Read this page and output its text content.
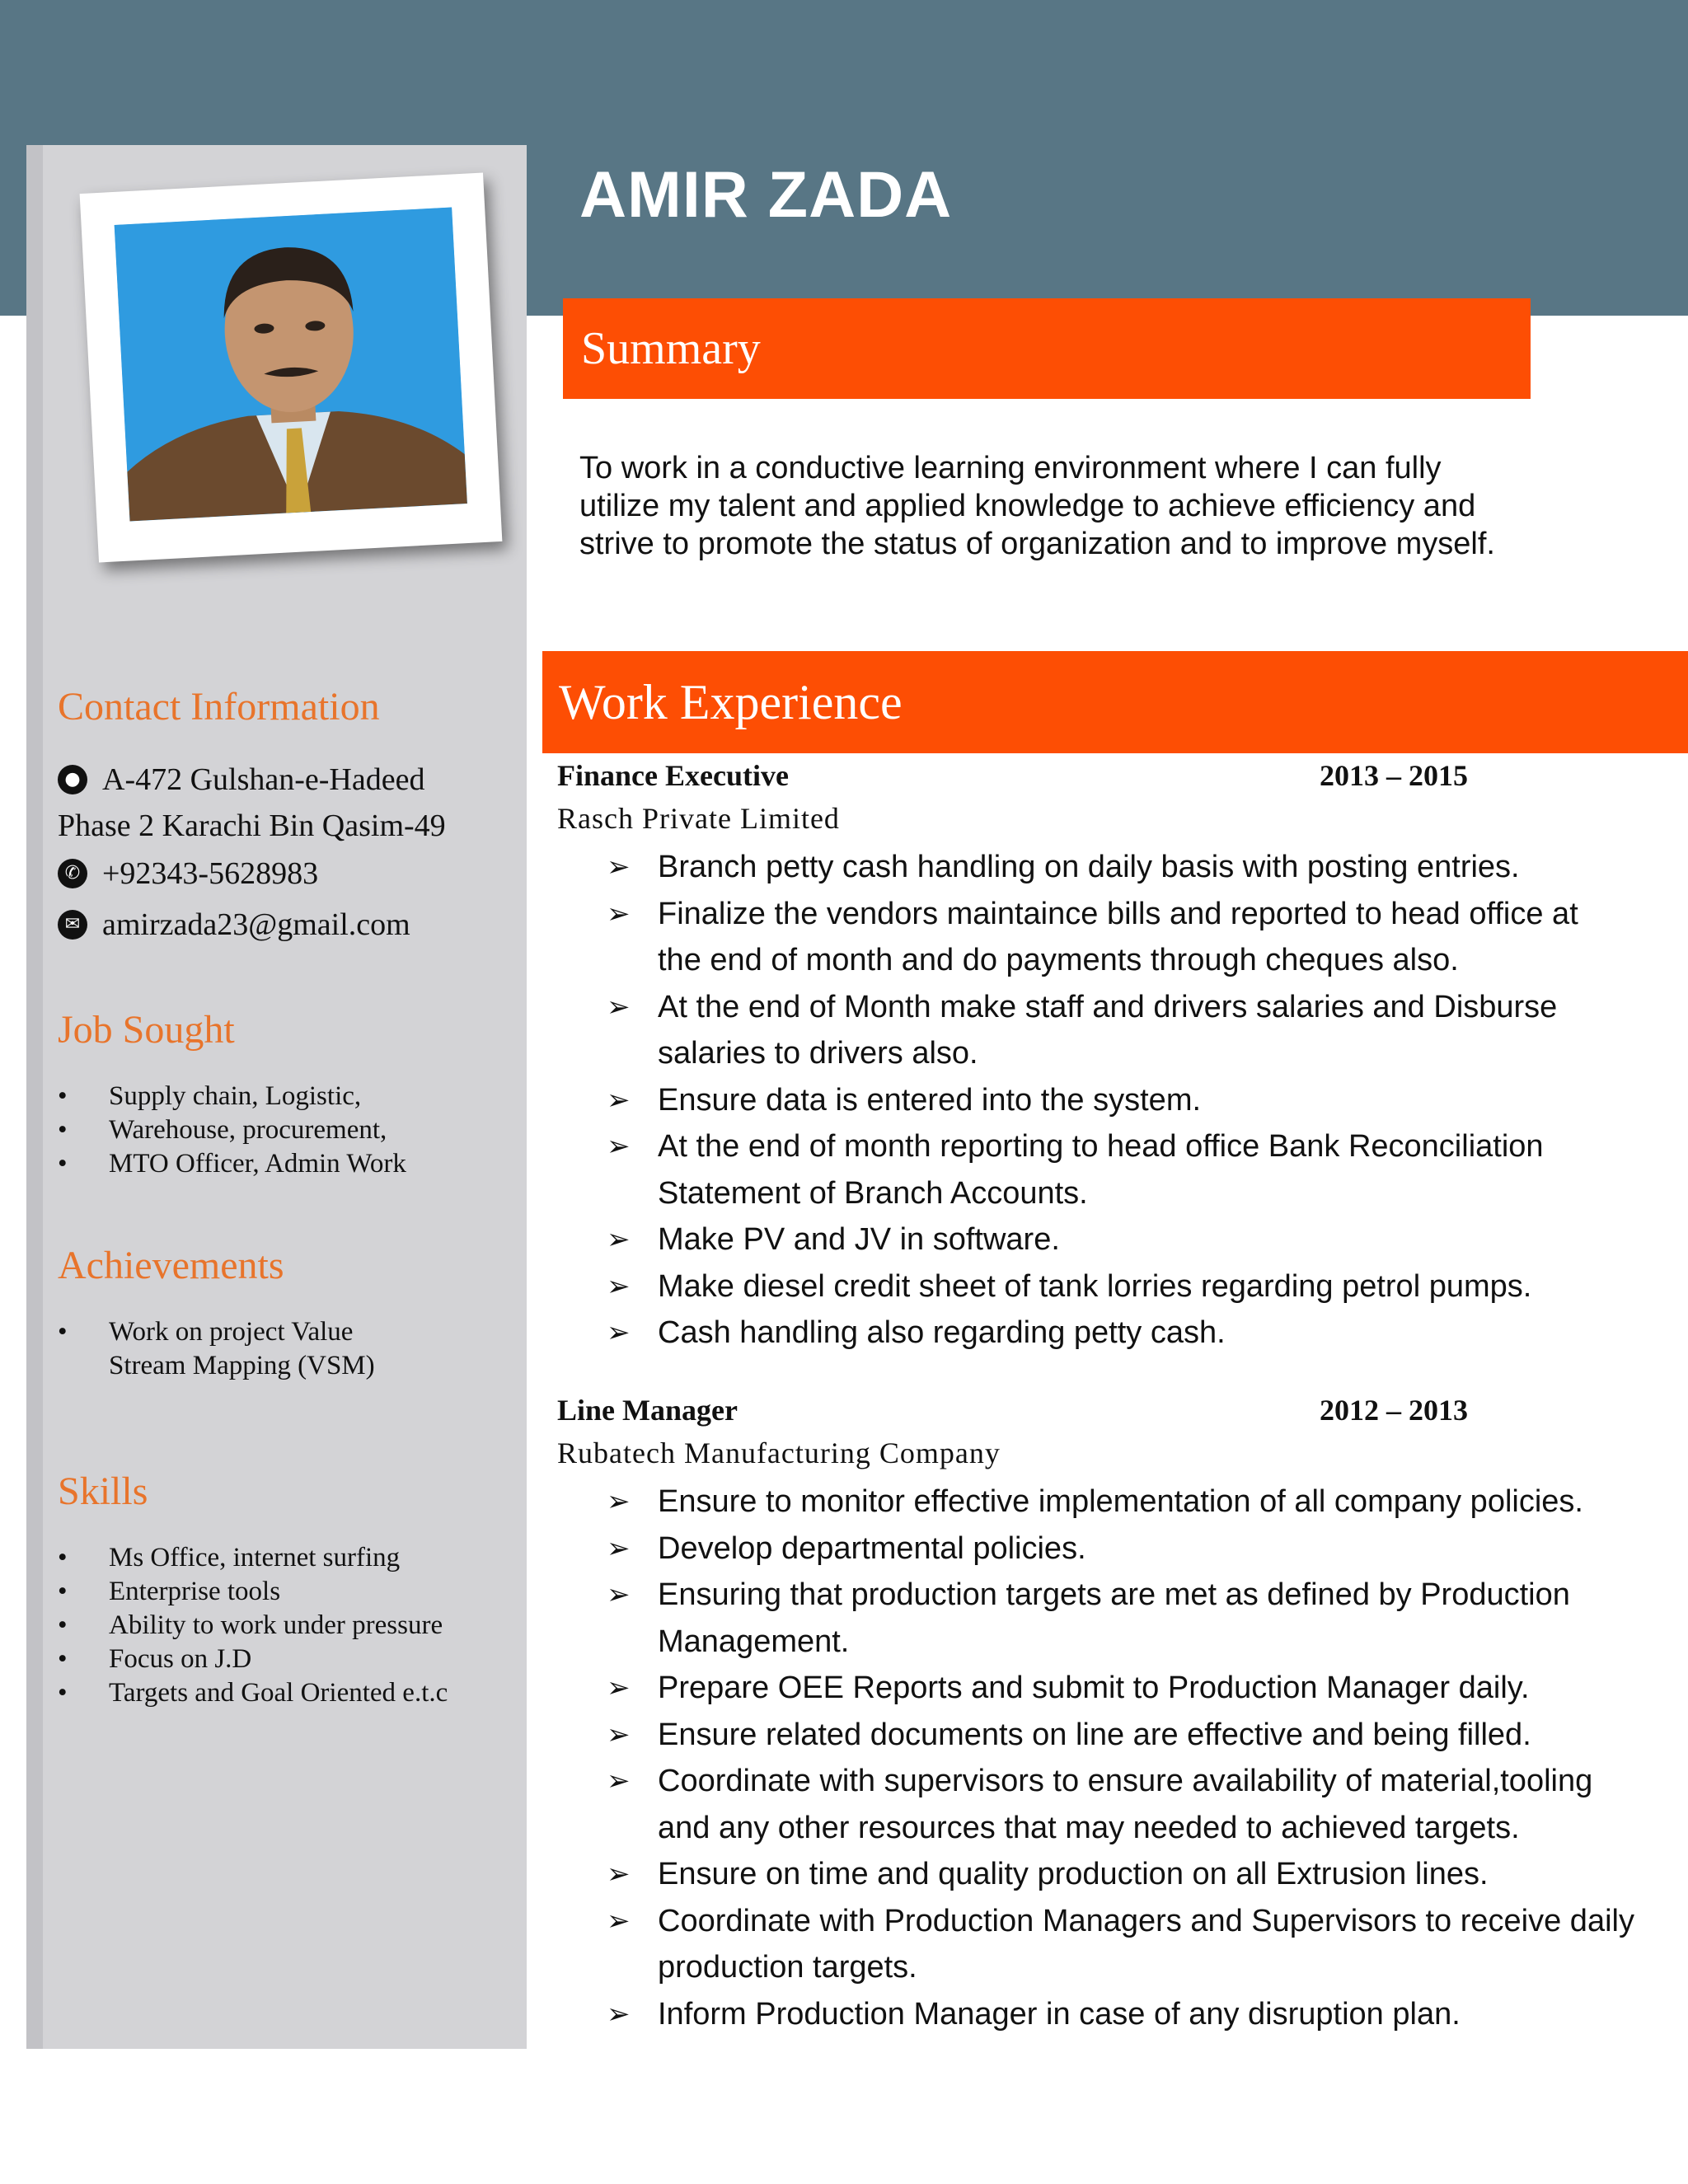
AMIR ZADA
Summary
To work in a conductive learning environment where I can fully utilize my talent and applied knowledge to achieve efficiency and strive to promote the status of organization and to improve myself.
Contact Information
● A-472 Gulshan-e-Hadeed
Phase 2 Karachi Bin Qasim-49
✆ +92343-5628983
✉ amirzada23@gmail.com
Job Sought
• Supply chain, Logistic,
• Warehouse, procurement,
• MTO Officer, Admin Work
Achievements
• Work on project Value Stream Mapping (VSM)
Skills
• Ms Office, internet surfing
• Enterprise tools
• Ability to work under pressure
• Focus on J.D
• Targets and Goal Oriented e.t.c
Work Experience
Finance Executive	2013 – 2015
Rasch Private Limited
➢ Branch petty cash handling on daily basis with posting entries.
➢ Finalize the vendors maintaince bills and reported to head office at the end of month and do payments through cheques also.
➢ At the end of Month make staff and drivers salaries and Disburse salaries to drivers also.
➢ Ensure data is entered into the system.
➢ At the end of month reporting to head office Bank Reconciliation Statement of Branch Accounts.
➢ Make PV and JV in software.
➢ Make diesel credit sheet of tank lorries regarding petrol pumps.
➢ Cash handling also regarding petty cash.
Line Manager	2012 – 2013
Rubatech Manufacturing Company
➢ Ensure to monitor effective implementation of all company policies.
➢ Develop departmental policies.
➢ Ensuring that production targets are met as defined by Production Management.
➢ Prepare OEE Reports and submit to Production Manager daily.
➢ Ensure related documents on line are effective and being filled.
➢ Coordinate with supervisors to ensure availability of material,tooling and any other resources that may needed to achieved targets.
➢ Ensure on time and quality production on all Extrusion lines.
➢ Coordinate with Production Managers and Supervisors to receive daily production targets.
➢ Inform Production Manager in case of any disruption plan.
